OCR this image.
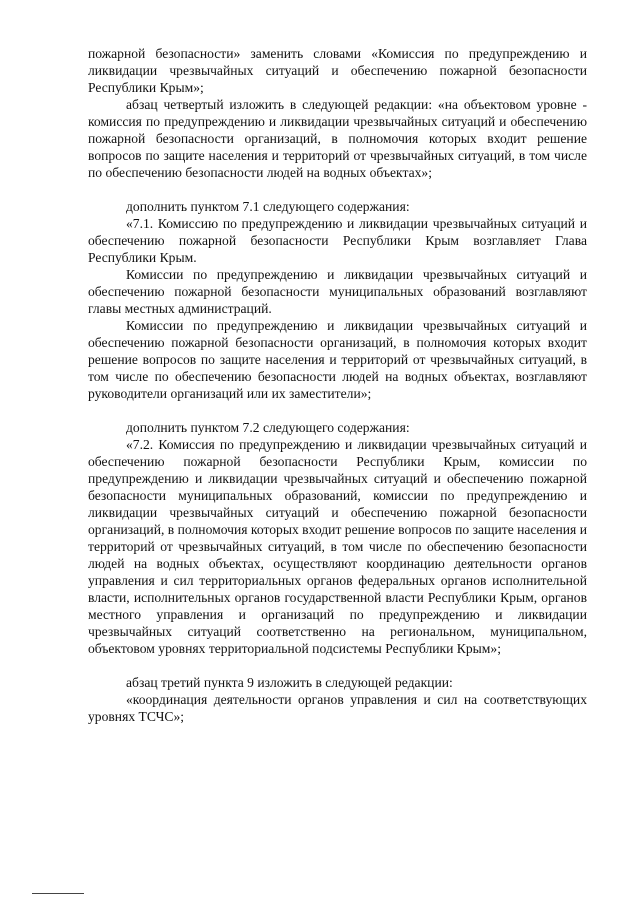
пожарной безопасности» заменить словами «Комиссия по предупреждению и ликвидации чрезвычайных ситуаций и обеспечению пожарной безопасности Республики Крым»;

абзац четвертый изложить в следующей редакции: «на объектовом уровне - комиссия по предупреждению и ликвидации чрезвычайных ситуаций и обеспечению пожарной безопасности организаций, в полномочия которых входит решение вопросов по защите населения и территорий от чрезвычайных ситуаций, в том числе по обеспечению безопасности людей на водных объектах»;

дополнить пунктом 7.1 следующего содержания:

«7.1. Комиссию по предупреждению и ликвидации чрезвычайных ситуаций и обеспечению пожарной безопасности Республики Крым возглавляет Глава Республики Крым.

Комиссии по предупреждению и ликвидации чрезвычайных ситуаций и обеспечению пожарной безопасности муниципальных образований возглавляют главы местных администраций.

Комиссии по предупреждению и ликвидации чрезвычайных ситуаций и обеспечению пожарной безопасности организаций, в полномочия которых входит решение вопросов по защите населения и территорий от чрезвычайных ситуаций, в том числе по обеспечению безопасности людей на водных объектах, возглавляют руководители организаций или их заместители»;

дополнить пунктом 7.2 следующего содержания:

«7.2. Комиссия по предупреждению и ликвидации чрезвычайных ситуаций и обеспечению пожарной безопасности Республики Крым, комиссии по предупреждению и ликвидации чрезвычайных ситуаций и обеспечению пожарной безопасности муниципальных образований, комиссии по предупреждению и ликвидации чрезвычайных ситуаций и обеспечению пожарной безопасности организаций, в полномочия которых входит решение вопросов по защите населения и территорий от чрезвычайных ситуаций, в том числе по обеспечению безопасности людей на водных объектах, осуществляют координацию деятельности органов управления и сил территориальных органов федеральных органов исполнительной власти, исполнительных органов государственной власти Республики Крым, органов местного управления и организаций по предупреждению и ликвидации чрезвычайных ситуаций соответственно на региональном, муниципальном, объектовом уровнях территориальной подсистемы Республики Крым»;

абзац третий пункта 9 изложить в следующей редакции:

«координация деятельности органов управления и сил на соответствующих уровнях ТСЧС»;
